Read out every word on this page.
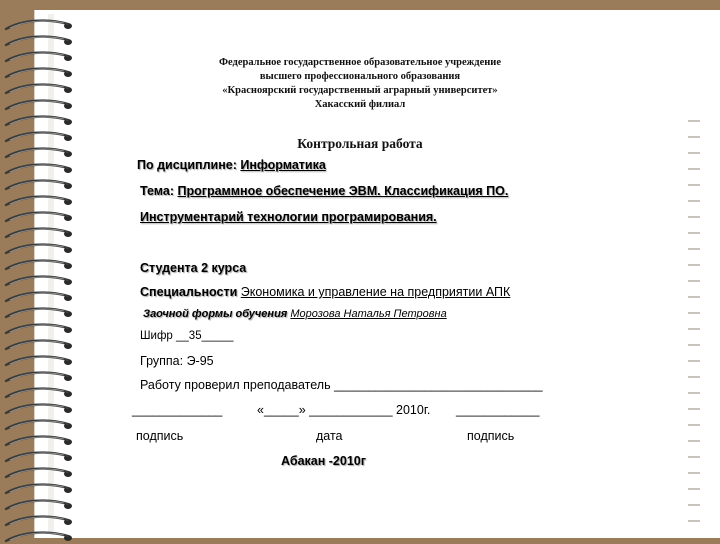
Федеральное государственное образовательное учреждение
высшего профессионального образования
«Красноярский государственный аграрный университет»
Хакасский филиал
Контрольная работа
По дисциплине: Информатика
Тема: Программное обеспечение ЭВМ. Классификация ПО.
Инструментарий технологии програмирования.
Студента 2 курса
Специальности Экономика и управление на предприятии АПК
Заочной формы обучения Морозова Наталья Петровна
Шифр __35_____
Группа: Э-95
Работу проверил преподаватель ______________________________
_____________	«_____» ____________ 2010г. ____________
подпись	дата	подпись
Абакан -2010г
